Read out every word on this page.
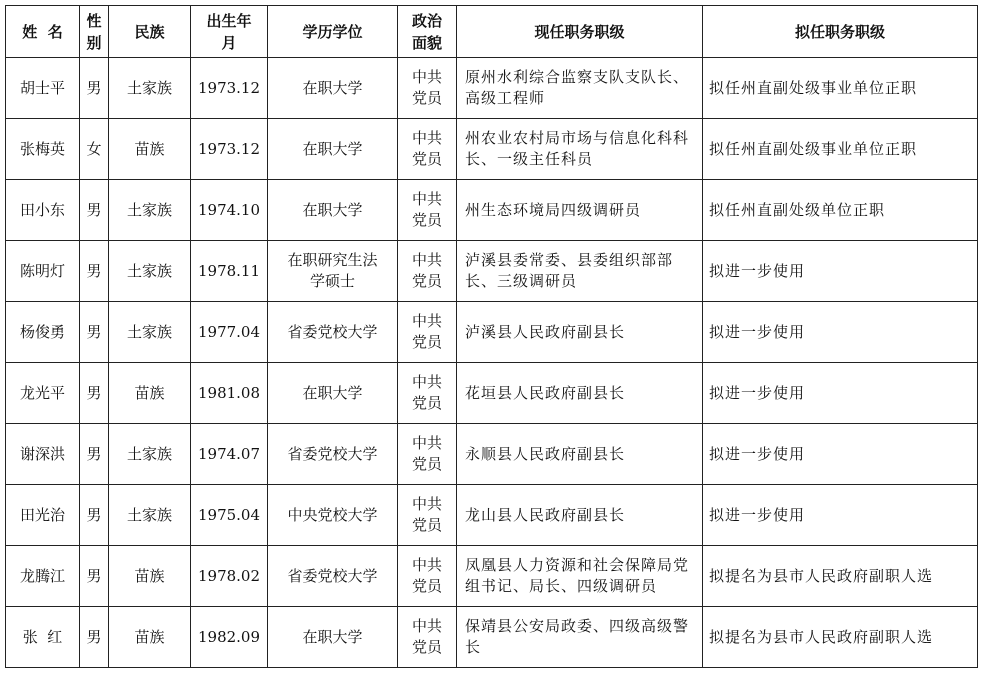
姓  名	性别	民族	出生年月	学历学位	政治面貌	现任职务职级	拟任职务职级
胡士平	男	土家族	1973.12	在职大学	中共党员	原州水利综合监察支队支队长、高级工程师	拟任州直副处级事业单位正职
张梅英	女	苗族	1973.12	在职大学	中共党员	州农业农村局市场与信息化科科长、一级主任科员	拟任州直副处级事业单位正职
田小东	男	土家族	1974.10	在职大学	中共党员	州生态环境局四级调研员	拟任州直副处级单位正职
陈明灯	男	土家族	1978.11	在职研究生法学硕士	中共党员	泸溪县委常委、县委组织部部长、三级调研员	拟进一步使用
杨俊勇	男	土家族	1977.04	省委党校大学	中共党员	泸溪县人民政府副县长	拟进一步使用
龙光平	男	苗族	1981.08	在职大学	中共党员	花垣县人民政府副县长	拟进一步使用
谢深洪	男	土家族	1974.07	省委党校大学	中共党员	永顺县人民政府副县长	拟进一步使用
田光治	男	土家族	1975.04	中央党校大学	中共党员	龙山县人民政府副县长	拟进一步使用
龙腾江	男	苗族	1978.02	省委党校大学	中共党员	凤凰县人力资源和社会保障局党组书记、局长、四级调研员	拟提名为县市人民政府副职人选
张  红	男	苗族	1982.09	在职大学	中共党员	保靖县公安局政委、四级高级警长	拟提名为县市人民政府副职人选
